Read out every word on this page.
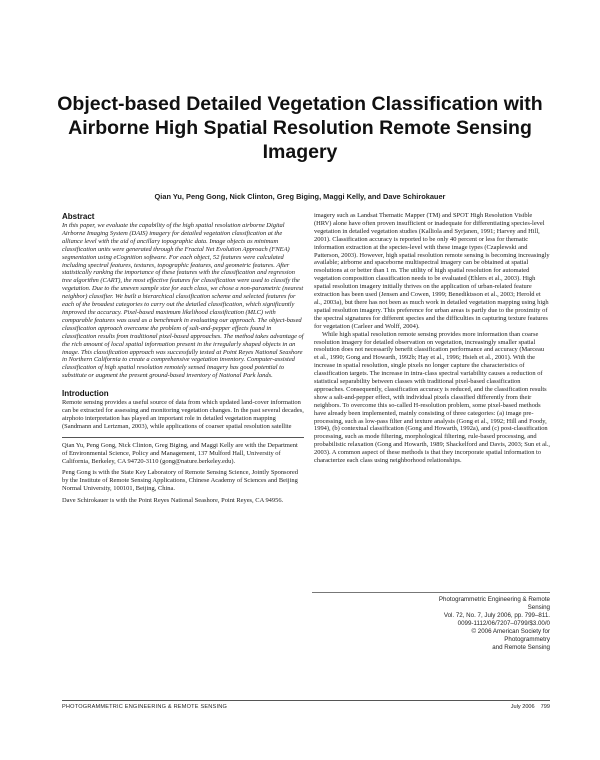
Object-based Detailed Vegetation Classification with Airborne High Spatial Resolution Remote Sensing Imagery
Qian Yu, Peng Gong, Nick Clinton, Greg Biging, Maggi Kelly, and Dave Schirokauer
Abstract

In this paper, we evaluate the capability of the high spatial resolution airborne Digital Airborne Imaging System (DAIS) imagery for detailed vegetation classification at the alliance level with the aid of ancillary topographic data. Image objects as minimum classification units were generated through the Fractal Net Evolution Approach (FNEA) segmentation using eCognition software. For each object, 52 features were calculated including spectral features, textures, topographic features, and geometric features. After statistically ranking the importance of these features with the classification and regression tree algorithm (CART), the most effective features for classification were used to classify the vegetation. Due to the uneven sample size for each class, we chose a non-parametric (nearest neighbor) classifier. We built a hierarchical classification scheme and selected features for each of the broadest categories to carry out the detailed classification, which significantly improved the accuracy. Pixel-based maximum likelihood classification (MLC) with comparable features was used as a benchmark in evaluating our approach. The object-based classification approach overcame the problem of salt-and-pepper effects found in classification results from traditional pixel-based approaches. The method takes advantage of the rich amount of local spatial information present in the irregularly shaped objects in an image. This classification approach was successfully tested at Point Reyes National Seashore in Northern California to create a comprehensive vegetation inventory. Computer-assisted classification of high spatial resolution remotely sensed imagery has good potential to substitute or augment the present ground-based inventory of National Park lands.

Introduction

Remote sensing provides a useful source of data from which updated land-cover information can be extracted for assessing and monitoring vegetation changes. In the past several decades, airphoto interpretation has played an important role in detailed vegetation mapping (Sandmann and Lertzman, 2003), while applications of coarser spatial resolution satellite

Qian Yu, Peng Gong, Nick Clinton, Greg Biging, and Maggi Kelly are with the Department of Environmental Science, Policy and Management, 137 Mulford Hall, University of California, Berkeley, CA 94720-3110 (gong@nature.berkeley.edu).

Peng Gong is with the State Key Laboratory of Remote Sensing Science, Jointly Sponsored by the Institute of Remote Sensing Applications, Chinese Academy of Sciences and Beijing Normal University, 100101, Beijing, China.

Dave Schirokauer is with the Point Reyes National Seashore, Point Reyes, CA 94956.

imagery such as Landsat Thematic Mapper (TM) and SPOT High Resolution Visible (HRV) alone have often proven insufficient or inadequate for differentiating species-level vegetation in detailed vegetation studies (Kalliola and Syrjanen, 1991; Harvey and Hill, 2001). Classification accuracy is reported to be only 40 percent or less for thematic information extraction at the species-level with these image types (Czaplewski and Patterson, 2003). However, high spatial resolution remote sensing is becoming increasingly available; airborne and spaceborne multispectral imagery can be obtained at spatial resolutions at or better than 1 m. The utility of high spatial resolution for automated vegetation composition classification needs to be evaluated (Ehlers et al., 2003). High spatial resolution imagery initially thrives on the application of urban-related feature extraction has been used (Jensen and Cowen, 1999; Benediktsson et al., 2003; Herold et al., 2003a), but there has not been as much work in detailed vegetation mapping using high spatial resolution imagery. This preference for urban areas is partly due to the proximity of the spectral signatures for different species and the difficulties in capturing texture features for vegetation (Carleer and Wolff, 2004).

While high spatial resolution remote sensing provides more information than coarse resolution imagery for detailed observation on vegetation, increasingly smaller spatial resolution does not necessarily benefit classification performance and accuracy (Marceau et al., 1990; Gong and Howarth, 1992b; Hay et al., 1996; Hsieh et al., 2001). With the increase in spatial resolution, single pixels no longer capture the characteristics of classification targets. The increase in intra-class spectral variability causes a reduction of statistical separability between classes with traditional pixel-based classification approaches. Consequently, classification accuracy is reduced, and the classification results show a salt-and-pepper effect, with individual pixels classified differently from their neighbors. To overcome this so-called H-resolution problem, some pixel-based methods have already been implemented, mainly consisting of three categories: (a) image pre-processing, such as low-pass filter and texture analysis (Gong et al., 1992; Hill and Foody, 1994), (b) contextual classification (Gong and Howarth, 1992a), and (c) post-classification processing, such as mode filtering, morphological filtering, rule-based processing, and probabilistic relaxation (Gong and Howarth, 1989; Shackelford and Davis, 2003; Sun et al., 2003). A common aspect of these methods is that they incorporate spatial information to characterize each class using neighborhood relationships.

Photogrammetric Engineering & Remote Sensing
Vol. 72, No. 7, July 2006, pp. 799–811.
0099-1112/06/7207–0799/$3.00/0
© 2006 American Society for Photogrammetry
and Remote Sensing
PHOTOGRAMMETRIC ENGINEERING & REMOTE SENSING	July 2006 799
